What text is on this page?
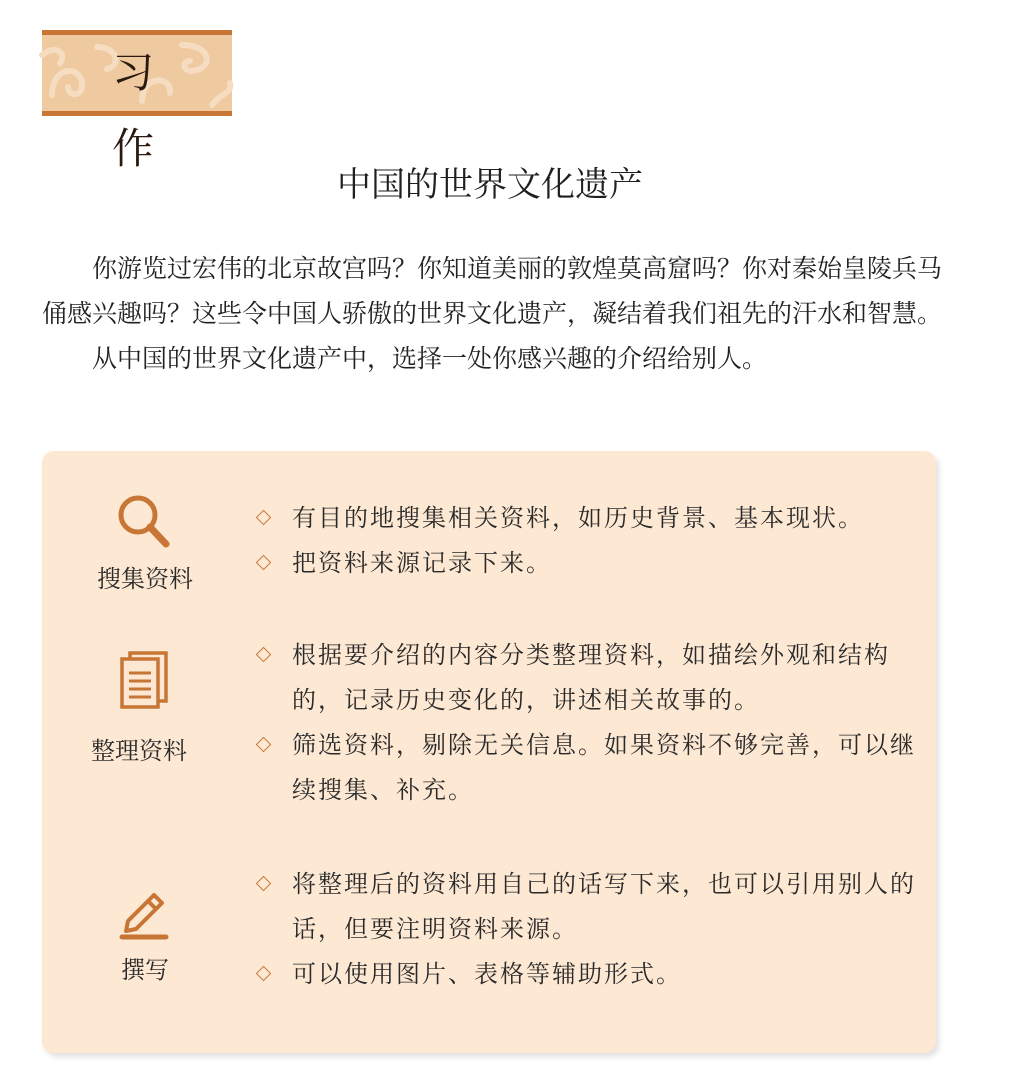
习 作
中国的世界文化遗产

你游览过宏伟的北京故宫吗？你知道美丽的敦煌莫高窟吗？你对秦始皇陵兵马俑感兴趣吗？这些令中国人骄傲的世界文化遗产，凝结着我们祖先的汗水和智慧。

从中国的世界文化遗产中，选择一处你感兴趣的介绍给别人。

搜集资料
有目的地搜集相关资料，如历史背景、基本现状。
把资料来源记录下来。
整理资料
根据要介绍的内容分类整理资料，如描绘外观和结构的，记录历史变化的，讲述相关故事的。
筛选资料，剔除无关信息。如果资料不够完善，可以继续搜集、补充。
撰写
将整理后的资料用自己的话写下来，也可以引用别人的话，但要注明资料来源。
可以使用图片、表格等辅助形式。
